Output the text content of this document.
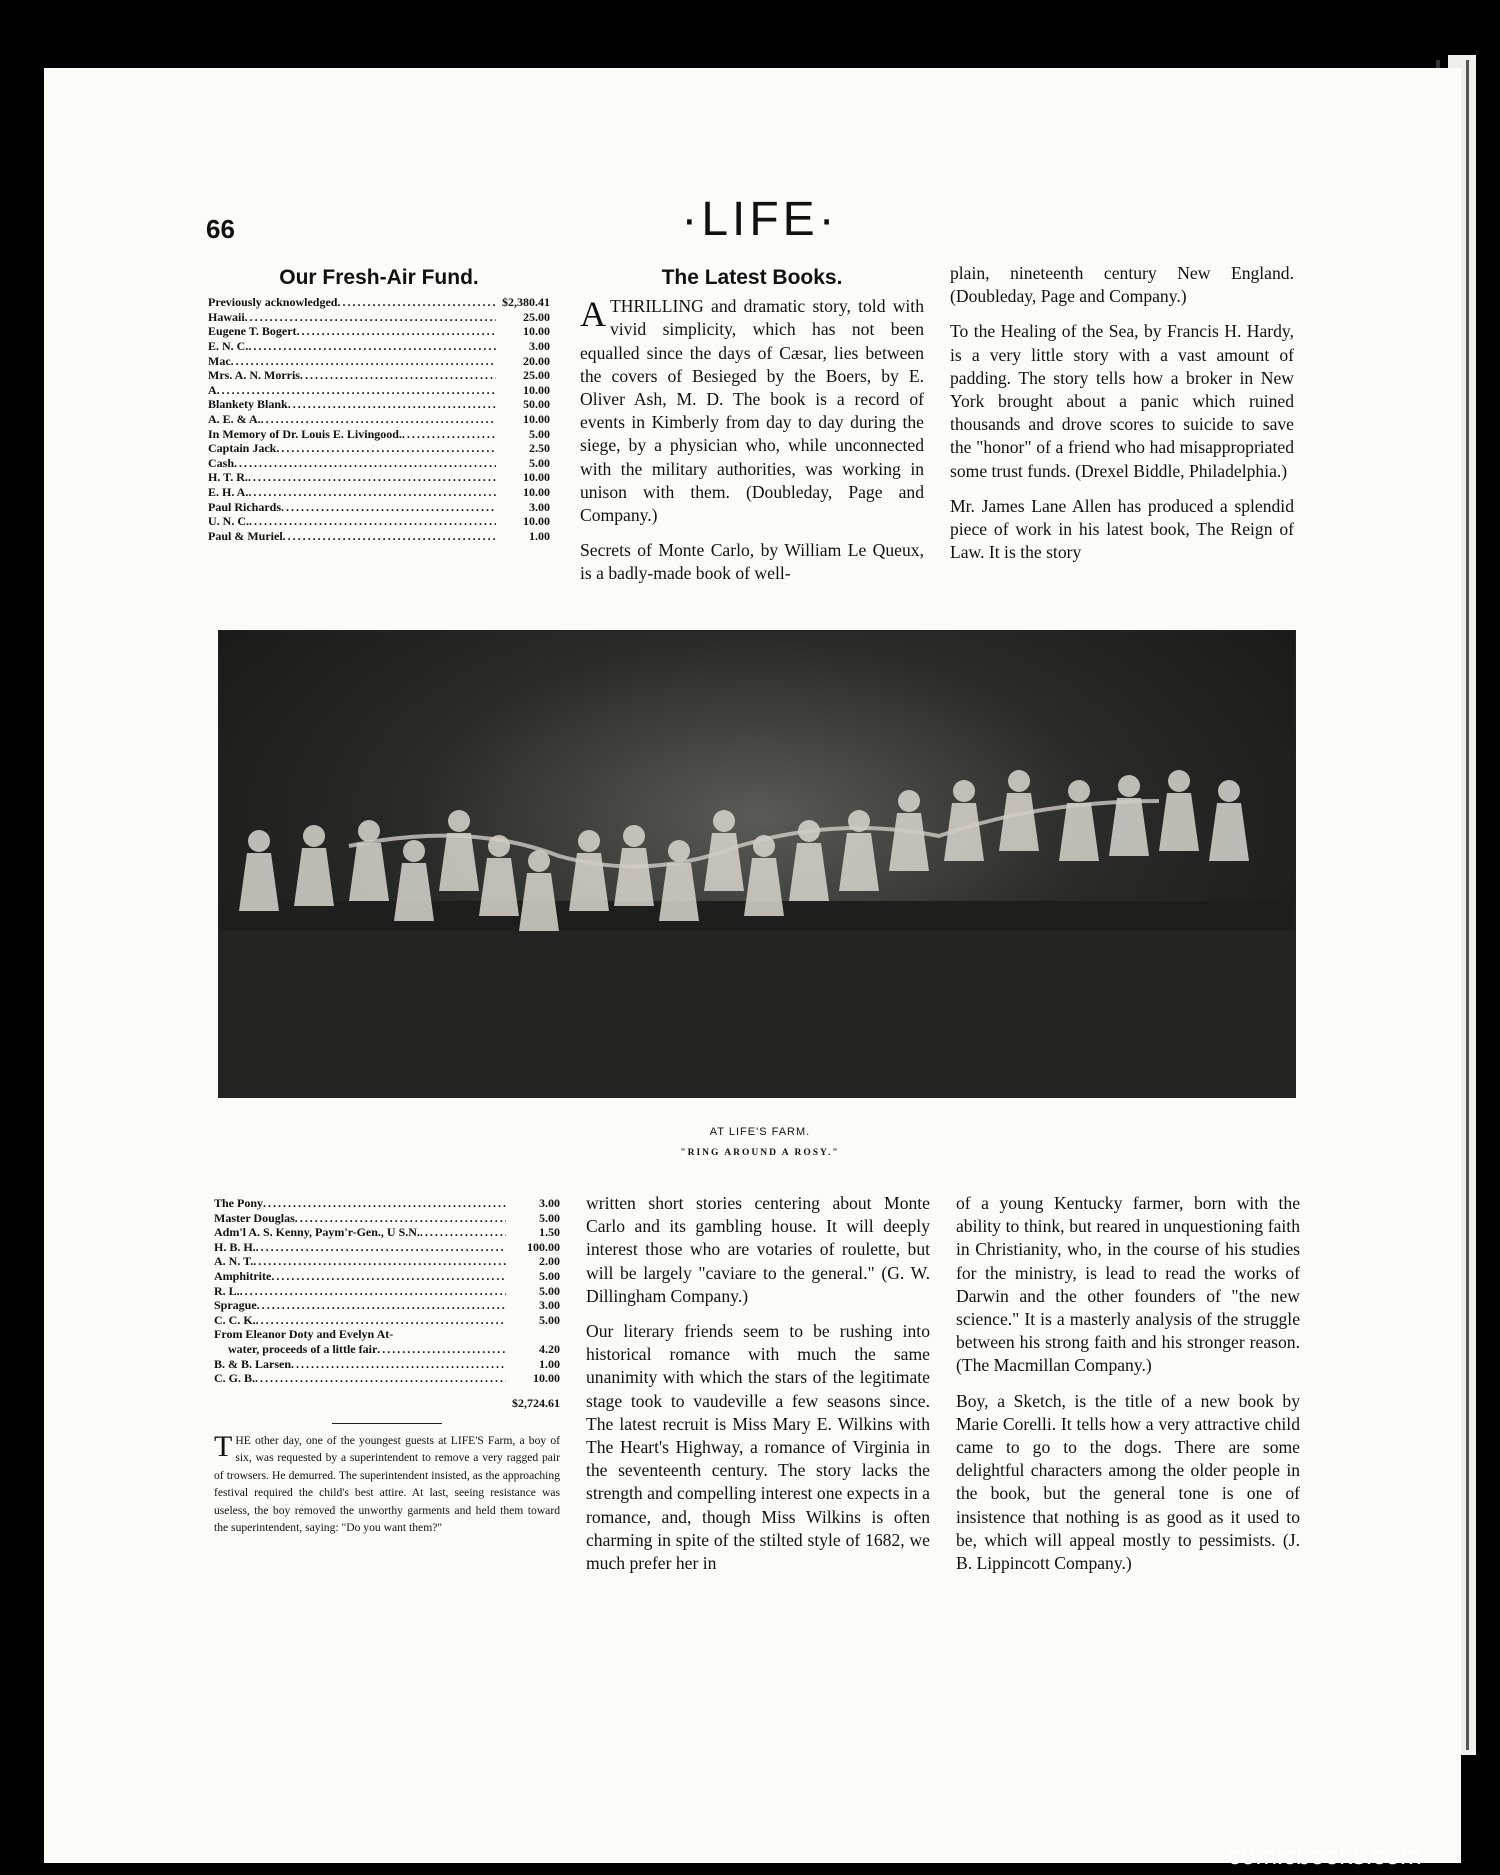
66	·LIFE·
Our Fresh-Air Fund.
Previously acknowledged .....	$2,380.41
Hawaii .....	25.00
Eugene T. Bogert .....	10.00
E. N. C. .....	3.00
Mac .....	20.00
Mrs. A. N. Morris .....	25.00
A .....	10.00
Blankety Blank .....	50.00
A. E. & A. .....	10.00
In Memory of Dr. Louis E. Livingood. .....	5.00
Captain Jack .....	2.50
Cash .....	5.00
H. T. R. .....	10.00
E. H. A. .....	10.00
Paul Richards .....	3.00
U. N. C. .....	10.00
Paul & Muriel .....	1.00
The Latest Books.

ATHRILLING and dramatic story, told with vivid simplicity, which has not been equalled since the days of Cæsar, lies between the covers of Besieged by the Boers, by E. Oliver Ash, M. D. The book is a record of events in Kimberly from day to day during the siege, by a physician who, while unconnected with the military authorities, was working in unison with them. (Doubleday, Page and Company.)

Secrets of Monte Carlo, by William Le Queux, is a badly-made book of well-

plain, nineteenth century New England. (Doubleday, Page and Company.)

To the Healing of the Sea, by Francis H. Hardy, is a very little story with a vast amount of padding. The story tells how a broker in New York brought about a panic which ruined thousands and drove scores to suicide to save the "honor" of a friend who had misappropriated some trust funds. (Drexel Biddle, Philadelphia.)

Mr. James Lane Allen has produced a splendid piece of work in his latest book, The Reign of Law. It is the story

AT LIFE'S FARM.
"RING AROUND A ROSY."
The Pony .....	3.00
Master Douglas .....	5.00
Adm'l A. S. Kenny, Paym'r-Gen., U S.N. .....	1.50
H. B. H. .....	100.00
A. N. T. .....	2.00
Amphitrite .....	5.00
R. L. .....	5.00
Sprague .....	3.00
C. C. K. .....	5.00
From Eleanor Doty and Evelyn At-
water, proceeds of a little fair .....	4.20
B. & B. Larsen .....	1.00
C. G. B. .....	10.00
$2,724.61
THE other day, one of the youngest guests at LIFE'S Farm, a boy of six, was requested by a superintendent to remove a very ragged pair of trowsers. He demurred. The superintendent insisted, as the approaching festival required the child's best attire. At last, seeing resistance was useless, the boy removed the unworthy garments and held them toward the superintendent, saying: "Do you want them?"

written short stories centering about Monte Carlo and its gambling house. It will deeply interest those who are votaries of roulette, but will be largely "caviare to the general." (G. W. Dillingham Company.)

Our literary friends seem to be rushing into historical romance with much the same unanimity with which the stars of the legitimate stage took to vaudeville a few seasons since. The latest recruit is Miss Mary E. Wilkins with The Heart's Highway, a romance of Virginia in the seventeenth century. The story lacks the strength and compelling interest one expects in a romance, and, though Miss Wilkins is often charming in spite of the stilted style of 1682, we much prefer her in

of a young Kentucky farmer, born with the ability to think, but reared in unquestioning faith in Christianity, who, in the course of his studies for the ministry, is lead to read the works of Darwin and the other founders of "the new science." It is a masterly analysis of the struggle between his strong faith and his stronger reason. (The Macmillan Company.)

Boy, a Sketch, is the title of a new book by Marie Corelli. It tells how a very attractive child came to go to the dogs. There are some delightful characters among the older people in the book, but the general tone is one of insistence that nothing is as good as it used to be, which will appeal mostly to pessimists. (J. B. Lippincott Company.)

comicbooks.com
